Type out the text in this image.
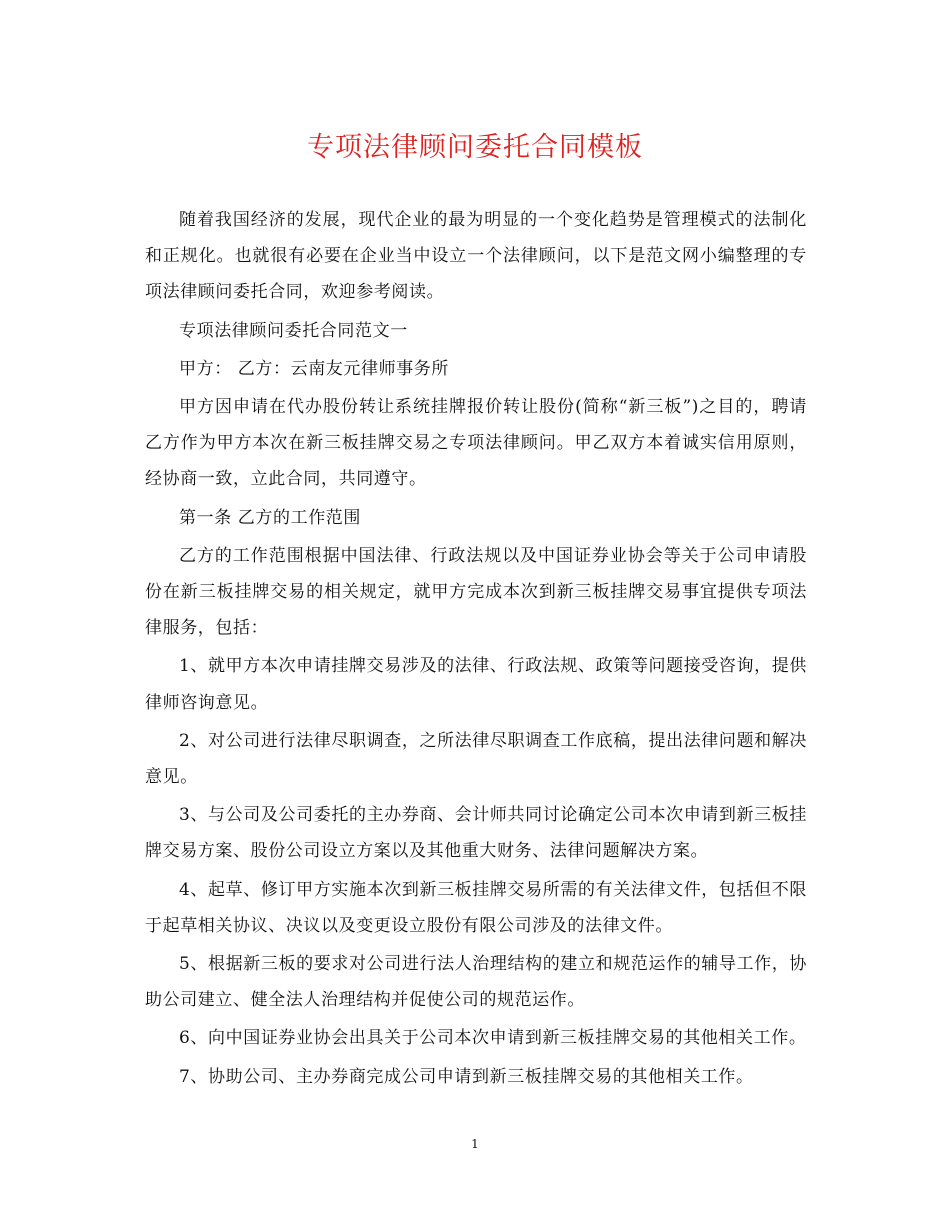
专项法律顾问委托合同模板

随着我国经济的发展，现代企业的最为明显的一个变化趋势是管理模式的法制化和正规化。也就很有必要在企业当中设立一个法律顾问，以下是范文网小编整理的专项法律顾问委托合同，欢迎参考阅读。

专项法律顾问委托合同范文一

甲方： 乙方：云南友元律师事务所

甲方因申请在代办股份转让系统挂牌报价转让股份(简称“新三板”)之目的，聘请乙方作为甲方本次在新三板挂牌交易之专项法律顾问。甲乙双方本着诚实信用原则，经协商一致，立此合同，共同遵守。

第一条 乙方的工作范围

乙方的工作范围根据中国法律、行政法规以及中国证券业协会等关于公司申请股份在新三板挂牌交易的相关规定，就甲方完成本次到新三板挂牌交易事宜提供专项法律服务，包括：

1、就甲方本次申请挂牌交易涉及的法律、行政法规、政策等问题接受咨询，提供律师咨询意见。

2、对公司进行法律尽职调查，之所法律尽职调查工作底稿，提出法律问题和解决意见。

3、与公司及公司委托的主办券商、会计师共同讨论确定公司本次申请到新三板挂牌交易方案、股份公司设立方案以及其他重大财务、法律问题解决方案。

4、起草、修订甲方实施本次到新三板挂牌交易所需的有关法律文件，包括但不限于起草相关协议、决议以及变更设立股份有限公司涉及的法律文件。

5、根据新三板的要求对公司进行法人治理结构的建立和规范运作的辅导工作，协助公司建立、健全法人治理结构并促使公司的规范运作。

6、向中国证券业协会出具关于公司本次申请到新三板挂牌交易的其他相关工作。

7、协助公司、主办券商完成公司申请到新三板挂牌交易的其他相关工作。

1
